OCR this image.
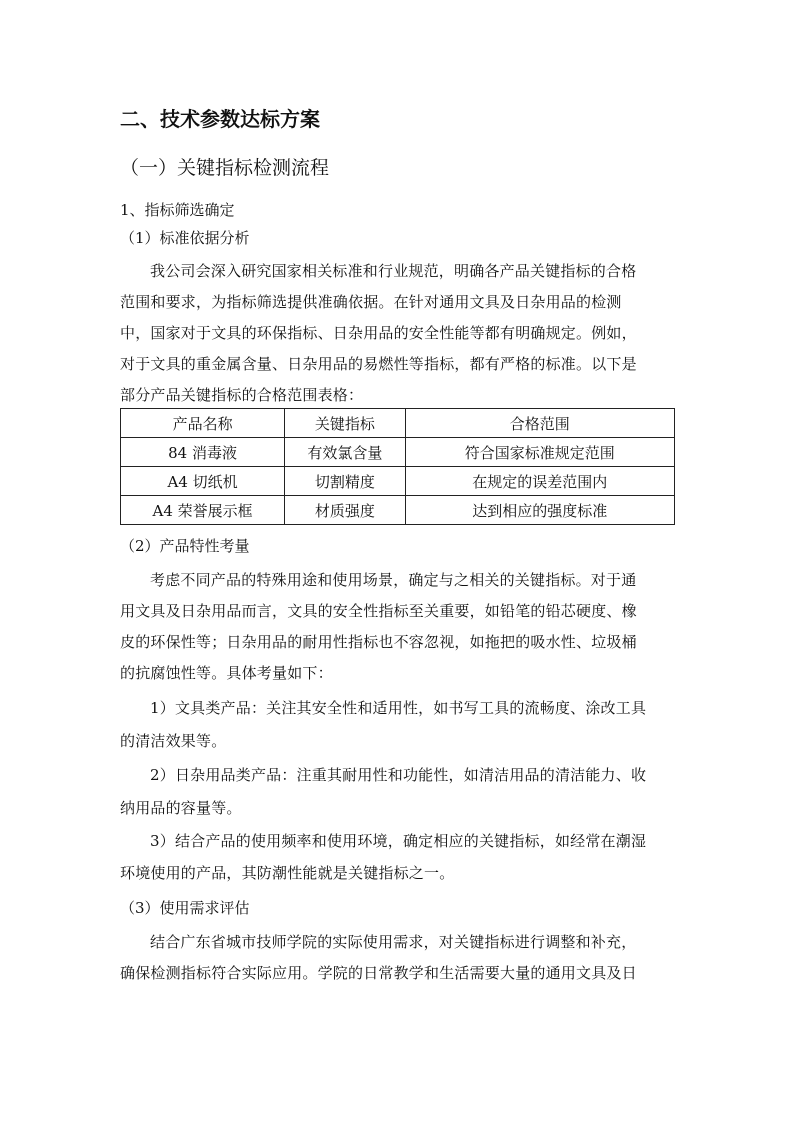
二、技术参数达标方案
（一）关键指标检测流程
1、指标筛选确定
（1）标准依据分析
我公司会深入研究国家相关标准和行业规范，明确各产品关键指标的合格
范围和要求，为指标筛选提供准确依据。在针对通用文具及日杂用品的检测
中，国家对于文具的环保指标、日杂用品的安全性能等都有明确规定。例如，
对于文具的重金属含量、日杂用品的易燃性等指标，都有严格的标准。以下是
部分产品关键指标的合格范围表格：
产品名称	关键指标	合格范围
84 消毒液	有效氯含量	符合国家标准规定范围
A4 切纸机	切割精度	在规定的误差范围内
A4 荣誉展示框	材质强度	达到相应的强度标准
（2）产品特性考量
考虑不同产品的特殊用途和使用场景，确定与之相关的关键指标。对于通
用文具及日杂用品而言，文具的安全性指标至关重要，如铅笔的铅芯硬度、橡
皮的环保性等；日杂用品的耐用性指标也不容忽视，如拖把的吸水性、垃圾桶
的抗腐蚀性等。具体考量如下：
1）文具类产品：关注其安全性和适用性，如书写工具的流畅度、涂改工具
的清洁效果等。
2）日杂用品类产品：注重其耐用性和功能性，如清洁用品的清洁能力、收
纳用品的容量等。
3）结合产品的使用频率和使用环境，确定相应的关键指标，如经常在潮湿
环境使用的产品，其防潮性能就是关键指标之一。
（3）使用需求评估
结合广东省城市技师学院的实际使用需求，对关键指标进行调整和补充，
确保检测指标符合实际应用。学院的日常教学和生活需要大量的通用文具及日
